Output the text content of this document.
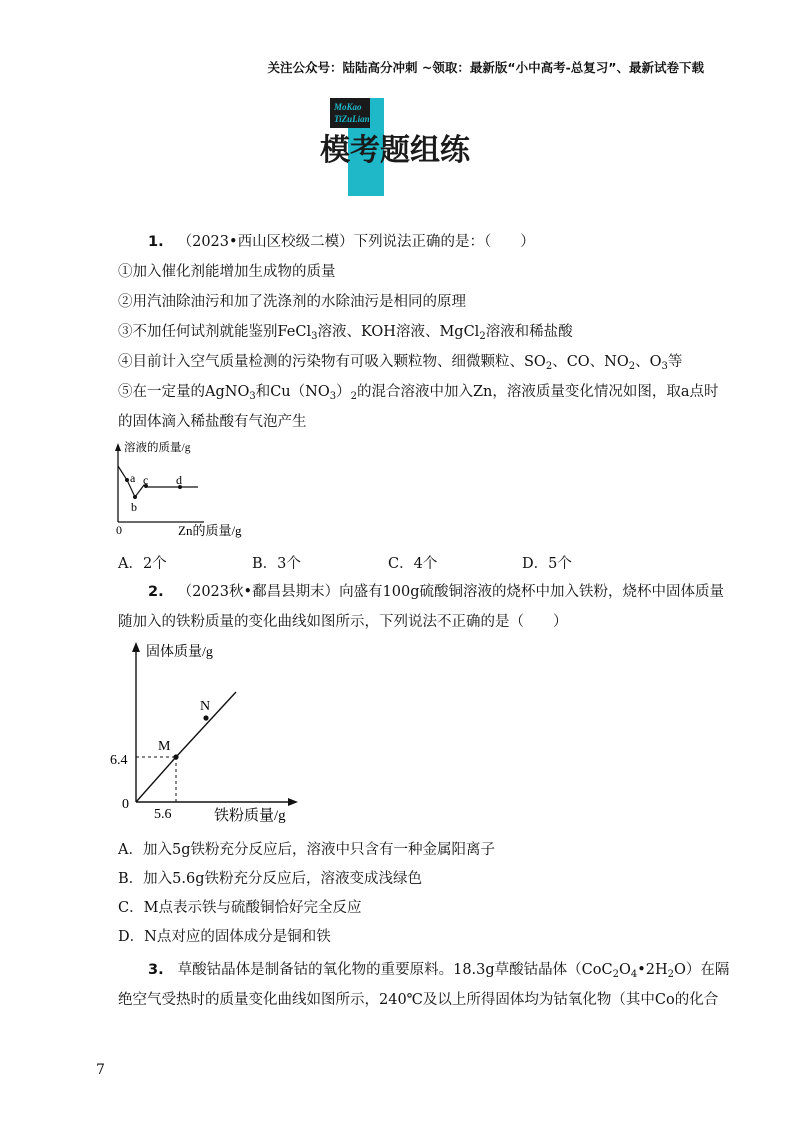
关注公众号：陆陆高分冲刺 ~领取：最新版“小中高考-总复习”、最新试卷下载
MoKao
TiZuLian
模考题组练
1. （2023•西山区校级二模）下列说法正确的是：（　　）
①加入催化剂能增加生成物的质量
②用汽油除油污和加了洗涤剂的水除油污是相同的原理
③不加任何试剂就能鉴别FeCl$_3$溶液、KOH溶液、MgCl$_2$溶液和稀盐酸
④目前计入空气质量检测的污染物有可吸入颗粒物、细微颗粒、$SO_2$、CO、$NO_2$、$O_3$等
⑤在一定量的AgNO$_3$和$Cu(NO_3)_2$的混合溶液中加入Zn，溶液质量变化情况如图，取a点时
的固体滴入稀盐酸有气泡产生
溶液的质量/g
a
b
c d
0	Zn的质量/g
A．2个	B．3个	C．4个	D．5个
2. （2023秋•鄱昌县期末）向盛有100g硫酸铜溶液的烧杯中加入铁粉，烧杯中固体质量
随加入的铁粉质量的变化曲线如图所示，下列说法不正确的是（　　）
固体质量/g
M
N
6.4
5.6
0
铁粉质量/g
A．加入5g铁粉充分反应后，溶液中只含有一种金属阳离子
B．加入5.6g铁粉充分反应后，溶液变成浅绿色
C．M点表示铁与硫酸铜恰好完全反应
D．N点对应的固体成分是铜和铁
3. 草酸钴晶体是制备钴的氧化物的重要原料。18.3g草酸钴晶体$(CoC_2O_4•2H_2O)$在隔
绝空气受热时的质量变化曲线如图所示，240℃及以上所得固体均为钴氧化物（其中Co的化合
7
